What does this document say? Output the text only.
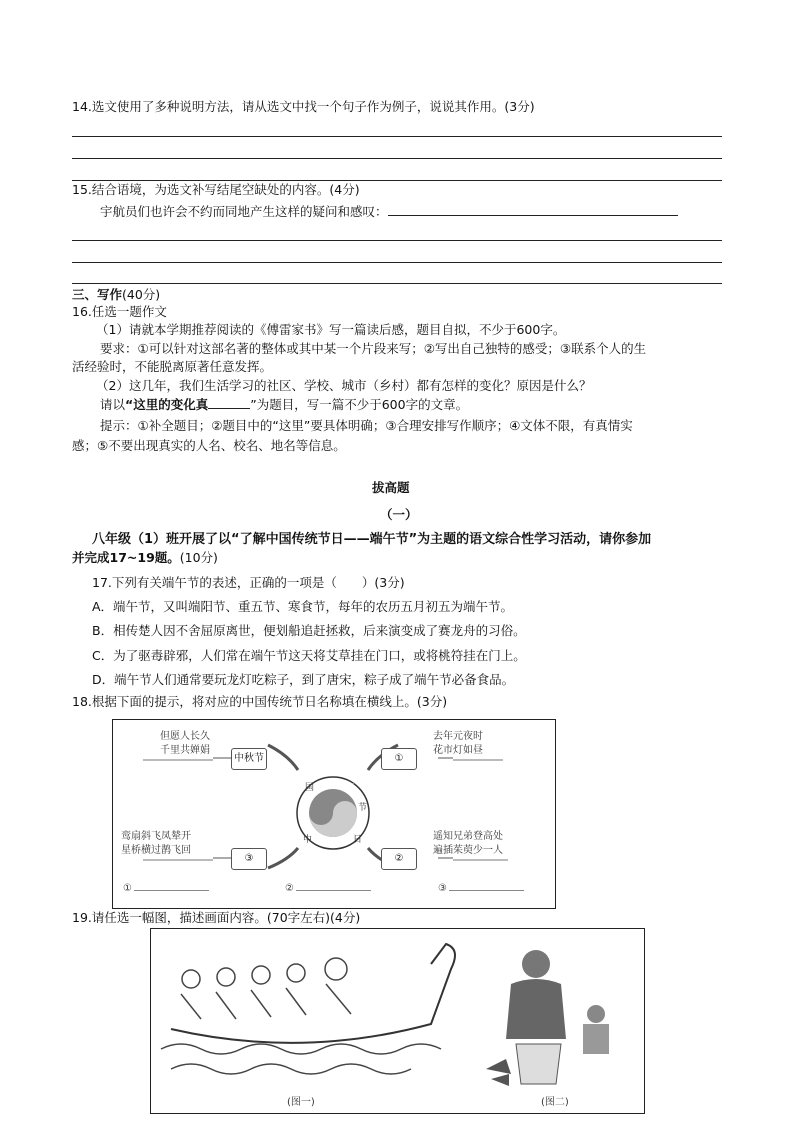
14.选文使用了多种说明方法，请从选文中找一个句子作为例子，说说其作用。(3分)
15.结合语境，为选文补写结尾空缺处的内容。(4分)
宇航员们也许会不约而同地产生这样的疑问和感叹：
三、写作(40分)
16.任选一题作文
（1）请就本学期推荐阅读的《傅雷家书》写一篇读后感，题目自拟，不少于600字。
要求：①可以针对这部名著的整体或其中某一个片段来写；②写出自己独特的感受；③联系个人的生
活经验时，不能脱离原著任意发挥。
（2）这几年，我们生活学习的社区、学校、城市（乡村）都有怎样的变化？原因是什么？
请以“这里的变化真	”为题目，写一篇不少于600字的文章。
提示：①补全题目；②题目中的“这里”要具体明确；③合理安排写作顺序；④文体不限，有真情实
感；⑤不要出现真实的人名、校名、地名等信息。
拔高题
（一）
八年级（1）班开展了以“了解中国传统节日——端午节”为主题的语文综合性学习活动，请你参加
并完成17~19题。(10分)
17.下列有关端午节的表述，正确的一项是（　　）(3分)
A．端午节，又叫端阳节、重五节、寒食节，每年的农历五月初五为端午节。
B．相传楚人因不舍屈原离世，便划船追赶拯救，后来演变成了赛龙舟的习俗。
C．为了驱毒辟邪，人们常在端午节这天将艾草挂在门口，或将桃符挂在门上。
D．端午节人们通常要玩龙灯吃粽子，到了唐宋，粽子成了端午节必备食品。
18.根据下面的提示，将对应的中国传统节日名称填在横线上。(3分)
国 传 统
节
日
中
但愿人长久
千里共婵娟
中秋节
去年元夜时
花市灯如昼
①
鸾扇斜飞凤辇开
星桥横过鹊飞回
③
遥知兄弟登高处
遍插茱萸少一人
②
①	②	③
19.请任选一幅图，描述画面内容。(70字左右)(4分)
(图一)	(图二)
